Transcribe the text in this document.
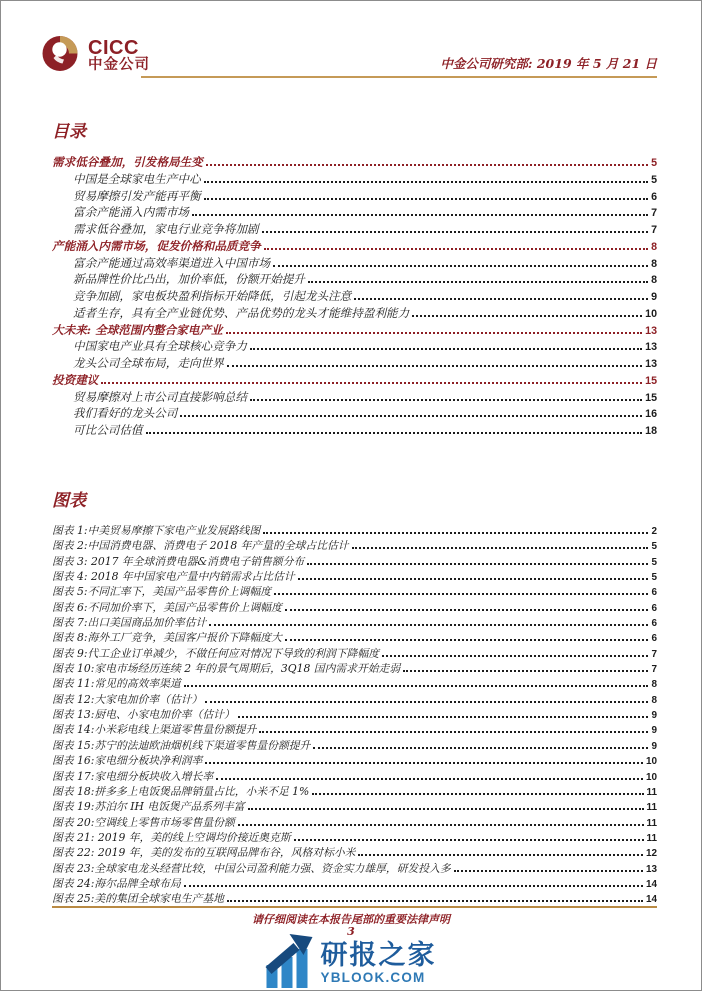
CICC
中金公司	中金公司研究部: 2019 年 5 月 21 日
目录
需求低谷叠加，引发格局生变	5
中国是全球家电生产中心	5
贸易摩擦引发产能再平衡	6
富余产能涌入内需市场	7
需求低谷叠加，家电行业竞争将加剧	7
产能涌入内需市场，促发价格和品质竞争	8
富余产能通过高效率渠道进入中国市场	8
新品牌性价比凸出，加价率低，份额开始提升	8
竞争加剧，家电板块盈利指标开始降低，引起龙头注意	9
适者生存，具有全产业链优势、产品优势的龙头才能维持盈利能力	10
大未来: 全球范围内整合家电产业	13
中国家电产业具有全球核心竞争力	13
龙头公司全球布局，走向世界	13
投资建议	15
贸易摩擦对上市公司直接影响总结	15
我们看好的龙头公司	16
可比公司估值	18
图表
图表 1:中美贸易摩擦下家电产业发展路线图	2
图表 2:中国消费电器、消费电子 2018 年产量的全球占比估计	5
图表 3: 2017 年全球消费电器&消费电子销售额分布	5
图表 4: 2018 年中国家电产量中内销需求占比估计	5
图表 5:不同汇率下，美国产品零售价上调幅度	6
图表 6:不同加价率下，美国产品零售价上调幅度	6
图表 7:出口美国商品加价率估计	6
图表 8:海外工厂竞争，美国客户报价下降幅度大	6
图表 9:代工企业订单减少，不做任何应对情况下导致的利润下降幅度	7
图表 10:家电市场经历连续 2 年的景气周期后，3Q18 国内需求开始走弱	7
图表 11:常见的高效率渠道	8
图表 12:大家电加价率（估计）	8
图表 13:厨电、小家电加价率（估计）	9
图表 14:小米彩电线上渠道零售量份额提升	9
图表 15:苏宁的法迪欧油烟机线下渠道零售量份额提升	9
图表 16:家电细分板块净利润率	10
图表 17:家电细分板块收入增长率	10
图表 18:拼多多上电饭煲品牌销量占比，小米不足 1%	11
图表 19:苏泊尔 IH 电饭煲产品系列丰富	11
图表 20:空调线上零售市场零售量份额	11
图表 21: 2019 年，美的线上空调均价接近奥克斯	11
图表 22: 2019 年，美的发布的互联网品牌布谷，风格对标小米	12
图表 23:全球家电龙头经营比较，中国公司盈利能力强、资金实力雄厚，研发投入多	13
图表 24:海尔品牌全球布局	14
图表 25:美的集团全球家电生产基地	14
请仔细阅读在本报告尾部的重要法律声明
3
研报之家
YBLOOK.COM
